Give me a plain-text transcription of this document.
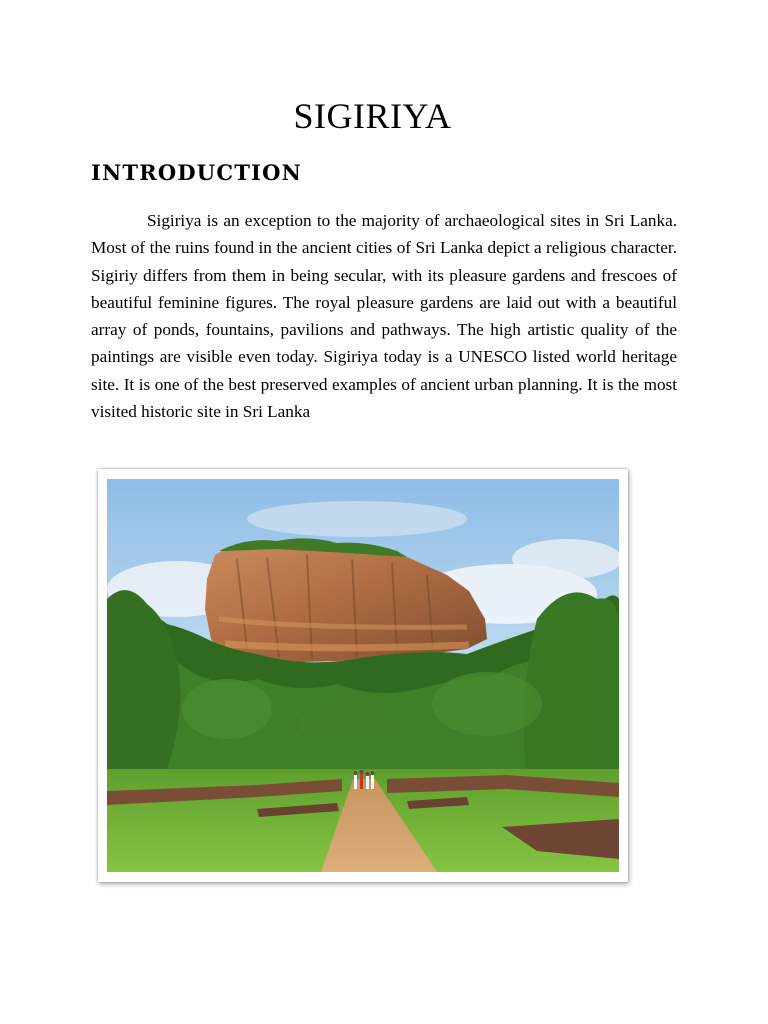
SIGIRIYA
INTRODUCTION

Sigiriya is an exception to the majority of archaeological sites in Sri Lanka. Most of the ruins found in the ancient cities of Sri Lanka depict a religious character. Sigiriy differs from them in being secular, with its pleasure gardens and frescoes of beautiful feminine figures. The royal pleasure gardens are laid out with a beautiful array of ponds, fountains, pavilions and pathways. The high artistic quality of the paintings are visible even today. Sigiriya today is a UNESCO listed world heritage site. It is one of the best preserved examples of ancient urban planning. It is the most visited historic site in Sri Lanka
